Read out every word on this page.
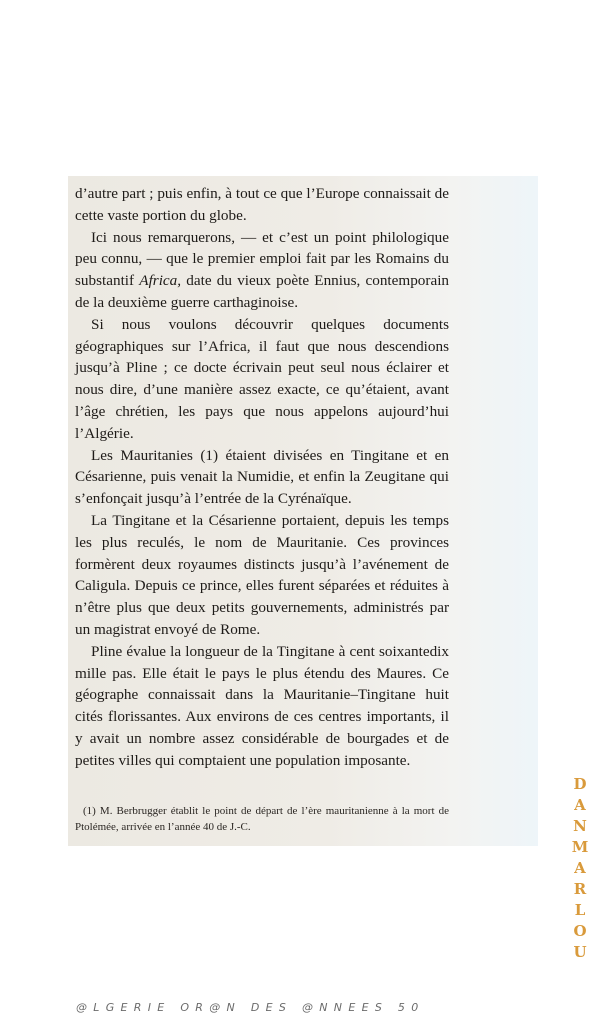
d’autre part ; puis enfin, à tout ce que l’Europe connaissait de cette vaste portion du globe.

Ici nous remarquerons, — et c’est un point philologique peu connu, — que le premier emploi fait par les Romains du substantif Africa, date du vieux poète Ennius, contemporain de la deuxième guerre carthaginoise.

Si nous voulons découvrir quelques documents géographiques sur l’Africa, il faut que nous descendions jusqu’à Pline ; ce docte écrivain peut seul nous éclairer et nous dire, d’une manière assez exacte, ce qu’étaient, avant l’âge chrétien, les pays que nous appelons aujourd’hui l’Algérie.

Les Mauritanies (1) étaient divisées en Tingitane et en Césarienne, puis venait la Numidie, et enfin la Zeugitane qui s’enfonçait jusqu’à l’entrée de la Cyrénaïque.

La Tingitane et la Césarienne portaient, depuis les temps les plus reculés, le nom de Mauritanie. Ces provinces formèrent deux royaumes distincts jusqu’à l’avénement de Caligula. Depuis ce prince, elles furent séparées et réduites à n’être plus que deux petits gouvernements, administrés par un magistrat envoyé de Rome.

Pline évalue la longueur de la Tingitane à cent soixantedix mille pas. Elle était le pays le plus étendu des Maures. Ce géographe connaissait dans la Mauritanie–Tingitane huit cités florissantes. Aux environs de ces centres importants, il y avait un nombre assez considérable de bourgades et de petites villes qui comptaient une population imposante.

(1) M. Berbrugger établit le point de départ de l’ère mauritanienne à la mort de Ptolémée, arrivée en l’année 40 de J.-C.	DANMARLOU
@LGERIE OR@N DES @NNEES 50
